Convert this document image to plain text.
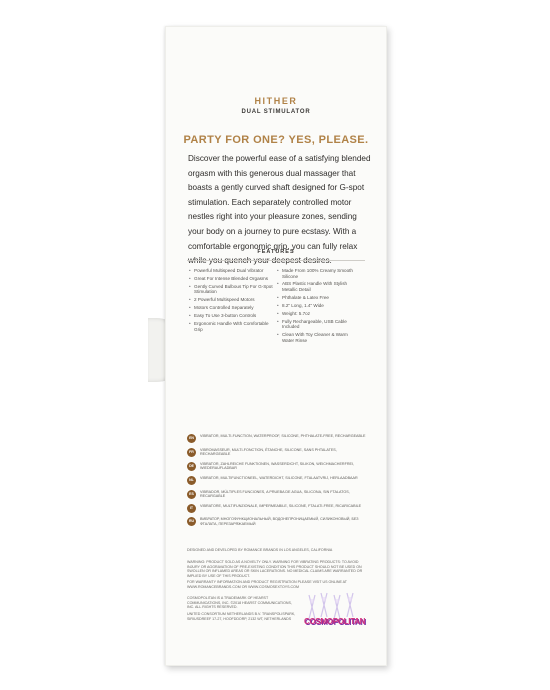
HITHER
DUAL STIMULATOR
PARTY FOR ONE? YES, PLEASE.
Discover the powerful ease of a satisfying blended
orgasm with this generous dual massager that
boasts a gently curved shaft designed for G-spot
stimulation. Each separately controlled motor
nestles right into your pleasure zones, sending
your body on a journey to pure ecstasy. With a
comfortable ergonomic grip, you can fully relax
FEATURES
• Powerful Multispeed Dual Vibrator
• Great For Intense Blended Orgasms
• Gently Curved Bulbous Tip For G-Spot Stimulation
• 2 Powerful Multispeed Motors
• Motors Controlled Separately
• Easy To Use 3-button Controls
• Ergonomic Handle With Comfortable Grip
• Made From 100% Creamy Smooth Silicone
• ABS Plastic Handle With Stylish Metallic Detail
• Phthalate & Latex Free
• 8.2" Long, 1.4" Wide
• Weight: 5.7oz
• Fully Rechargeable, USB Cable Included
• Clean With Toy Cleaner & Warm Water Rinse
EN	VIBRATOR, MULTI-FUNCTION, WATERPROOF, SILICONE, PHTHALATE-FREE, RECHARGEABLE
FR	VIBROMASSEUR, MULTI-FONCTION, ÉTANCHE, SILICONE, SANS PHTALATES, RECHARGEABLE
DE	VIBRATOR, ZAHLREICHE FUNKTIONEN, WASSERDICHT, SILIKON, WEICHMACHERFREI, WIEDERAUFLADBAR
NL	VIBRATOR, MULTIFUNCTIONEEL, WATERDICHT, SILICONE, FTALAATVRIJ, HERLAADBAAR
ES	VIBRADOR, MÚLTIPLES FUNCIONES, A PRUEBA DE AGUA, SILICONA, SIN FTALATOS, RECARGABLE
IT	VIBRATORE, MULTIFUNZIONALE, IMPERMEABILE, SILICONE, FTALATI-FREE, RICARICABILE
RU	ВИБРАТОР, МНОГОФУНКЦИОНАЛЬНЫЙ, ВОДОНЕПРОНИЦАЕМЫЙ, СИЛИКОНОВЫЙ, БЕЗ ФТАЛАТА, ПЕРЕЗАРЯЖАЕМЫЙ
DESIGNED AND DEVELOPED BY ROMANCE BRANDS IN LOS ANGELES, CALIFORNIA
WARNING: PRODUCT SOLD AS A NOVELTY ONLY. WARNING FOR VIBRATING PRODUCTS: TO AVOID INJURY OR AGGRAVATION OF PRE-EXISTING CONDITION THIS PRODUCT SHOULD NOT BE USED ON SWOLLEN OR INFLAMED AREAS OR SKIN LACERATIONS. NO MEDICAL CLAIMS ARE WARRANTED OR IMPLIED BY USE OF THIS PRODUCT.
FOR WARRANTY INFORMATION AND PRODUCT REGISTRATION PLEASE VISIT US ONLINE AT WWW.ROMANCEBRANDS.COM OR WWW.COSMOSEXTOYS.COM
COSMOPOLITAN IS A TRADEMARK OF HEARST COMMUNICATIONS, INC. ©2018 HEARST COMMUNICATIONS, INC. ALL RIGHTS RESERVED.
UNITED CONSORTIUM NETHERLANDS B.V. TRANSPOLISPARK, SIRIUSDREEF 17-27, HOOFDDORP, 2132 WT, NETHERLANDS	COSMOPOLITAN
